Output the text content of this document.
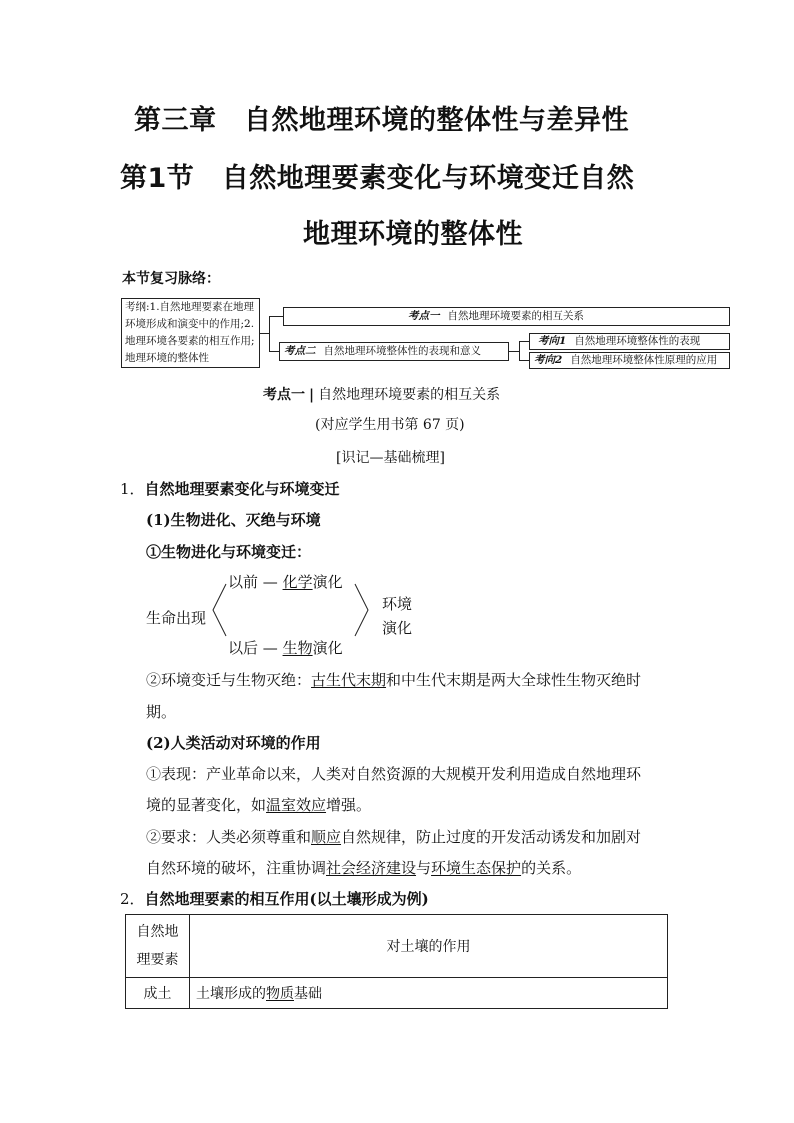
第三章　自然地理环境的整体性与差异性
第1节　自然地理要素变化与环境变迁自然
地理环境的整体性
本节复习脉络：
考纲:1.自然地理要素在地理环境形成和演变中的作用;2.地理环境各要素的相互作用;地理环境的整体性
考点一 自然地理环境要素的相互关系
考点二 自然地理环境整体性的表现和意义
考向1 自然地理环境整体性的表现
考向2 自然地理环境整体性原理的应用
考点一 | 自然地理环境要素的相互关系
(对应学生用书第 67 页)
[识记—基础梳理]
1．自然地理要素变化与环境变迁
(1)生物进化、灭绝与环境
①生物进化与环境变迁：
生命出现
以前 — 化学演化
以后 — 生物演化
环境
演化
②环境变迁与生物灭绝：古生代末期和中生代末期是两大全球性生物灭绝时
期。
(2)人类活动对环境的作用
①表现：产业革命以来，人类对自然资源的大规模开发利用造成自然地理环
境的显著变化，如温室效应增强。
②要求：人类必须尊重和顺应自然规律，防止过度的开发活动诱发和加剧对
自然环境的破坏，注重协调社会经济建设与环境生态保护的关系。
2．自然地理要素的相互作用(以土壤形成为例)
自然地
理要素	对土壤的作用
成土	土壤形成的物质基础
